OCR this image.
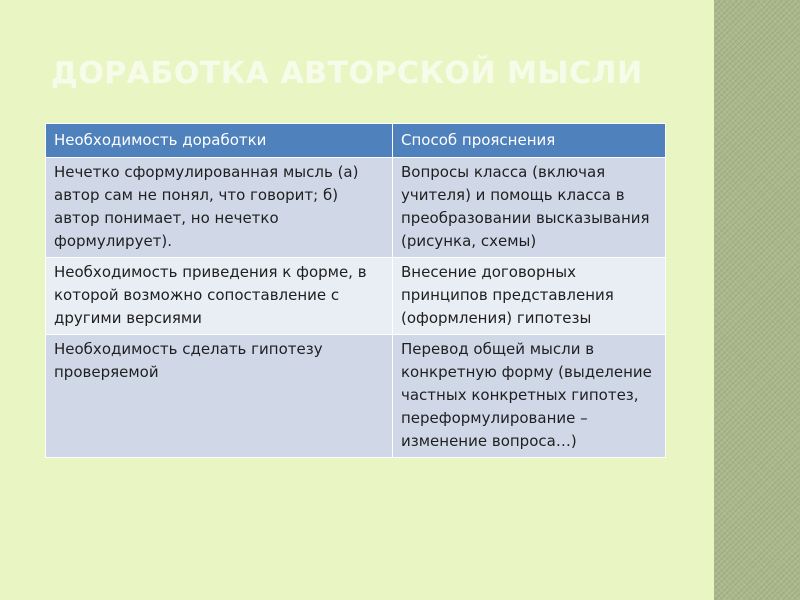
ДОРАБОТКА АВТОРСКОЙ МЫСЛИ
Необходимость доработки	Способ прояснения
Нечетко сформулированная мысль (а) автор сам не понял, что говорит; б) автор понимает, но нечетко формулирует).	Вопросы класса (включая учителя) и помощь класса в преобразовании высказывания (рисунка, схемы)
Необходимость приведения к форме, в которой возможно сопоставление с другими версиями	Внесение договорных принципов представления (оформления) гипотезы
Необходимость сделать гипотезу проверяемой	Перевод общей мысли в конкретную форму (выделение частных конкретных гипотез, переформулирование – изменение вопроса…)
